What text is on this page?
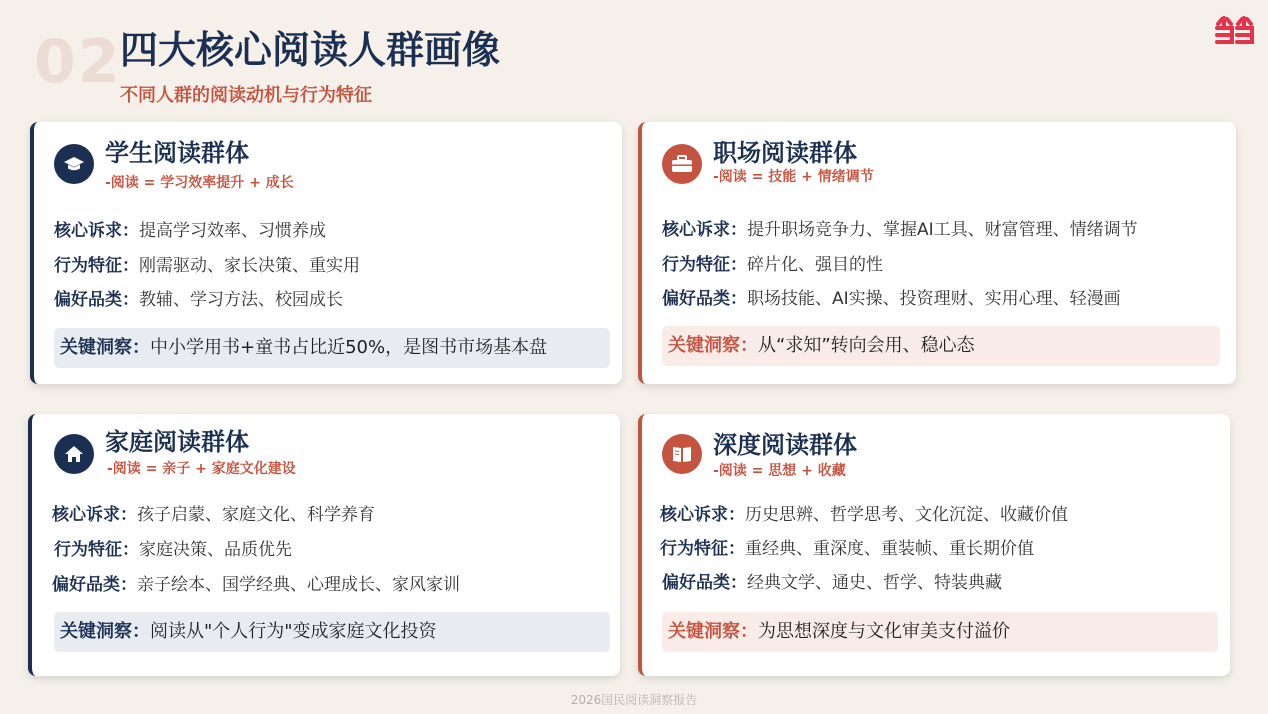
02
四大核心阅读人群画像
不同人群的阅读动机与行为特征
学生阅读群体
-阅读 = 学习效率提升 + 成长
核心诉求：提高学习效率、习惯养成
行为特征：刚需驱动、家长决策、重实用
偏好品类：教辅、学习方法、校园成长
关键洞察：中小学用书+童书占比近50%，是图书市场基本盘
职场阅读群体
-阅读 = 技能 + 情绪调节
核心诉求：提升职场竞争力、掌握AI工具、财富管理、情绪调节
行为特征：碎片化、强目的性
偏好品类：职场技能、AI实操、投资理财、实用心理、轻漫画
关键洞察：从“求知”转向会用、稳心态
家庭阅读群体
-阅读 = 亲子 + 家庭文化建设
核心诉求：孩子启蒙、家庭文化、科学养育
行为特征：家庭决策、品质优先
偏好品类：亲子绘本、国学经典、心理成长、家风家训
关键洞察：阅读从"个人行为"变成家庭文化投资
深度阅读群体
-阅读 = 思想 + 收藏
核心诉求：历史思辨、哲学思考、文化沉淀、收藏价值
行为特征：重经典、重深度、重装帧、重长期价值
偏好品类：经典文学、通史、哲学、特装典藏
关键洞察：为思想深度与文化审美支付溢价
2026国民阅读洞察报告
